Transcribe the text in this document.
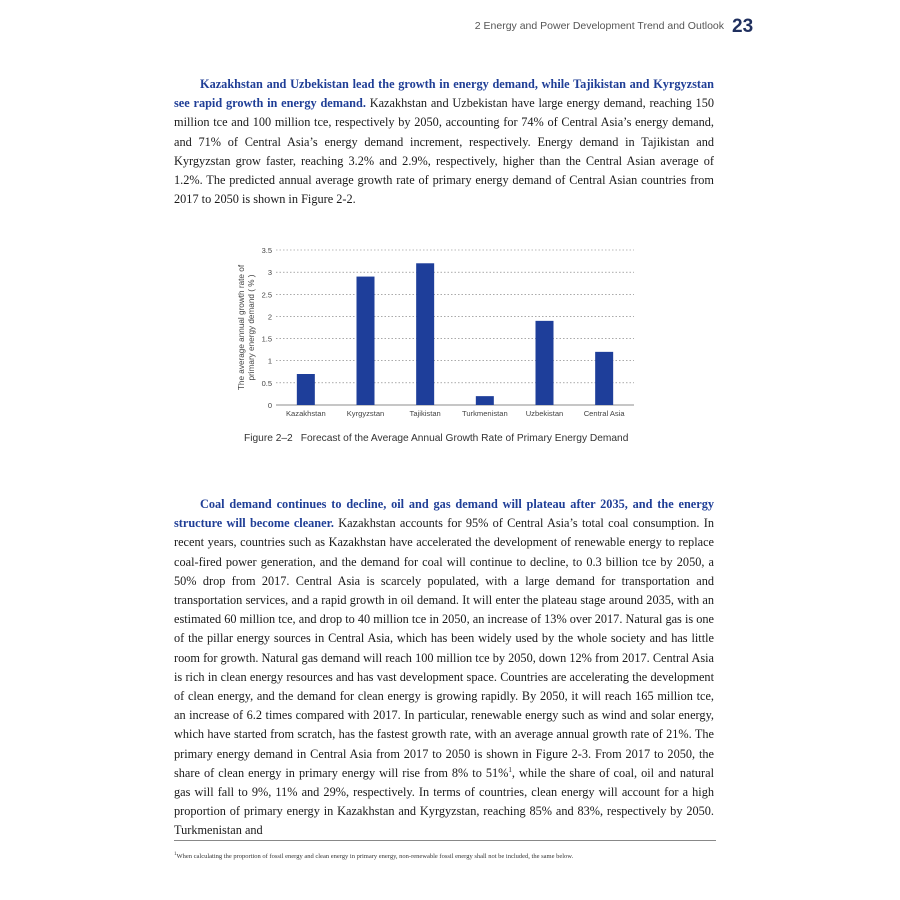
2 Energy and Power Development Trend and Outlook 23

Kazakhstan and Uzbekistan lead the growth in energy demand, while Tajikistan and Kyrgyzstan see rapid growth in energy demand. Kazakhstan and Uzbekistan have large energy demand, reaching 150 million tce and 100 million tce, respectively by 2050, accounting for 74% of Central Asia’s energy demand, and 71% of Central Asia’s energy demand increment, respectively. Energy demand in Tajikistan and Kyrgyzstan grow faster, reaching 3.2% and 2.9%, respectively, higher than the Central Asian average of 1.2%. The predicted annual average growth rate of primary energy demand of Central Asian countries from 2017 to 2050 is shown in Figure 2-2.

The average annual growth rate of primary energy demand ( % )
0
0.5
1
1.5
2
2.5
3
3.5
Kazakhstan	Kyrgyzstan	Tajikistan	Turkmenistan Uzbekistan	Central Asia
Figure 2–2 Forecast of the Average Annual Growth Rate of Primary Energy Demand

Coal demand continues to decline, oil and gas demand will plateau after 2035, and the energy structure will become cleaner. Kazakhstan accounts for 95% of Central Asia’s total coal consumption. In recent years, countries such as Kazakhstan have accelerated the development of renewable energy to replace coal-fired power generation, and the demand for coal will continue to decline, to 0.3 billion tce by 2050, a 50% drop from 2017. Central Asia is scarcely populated, with a large demand for transportation and transportation services, and a rapid growth in oil demand. It will enter the plateau stage around 2035, with an estimated 60 million tce, and drop to 40 million tce in 2050, an increase of 13% over 2017. Natural gas is one of the pillar energy sources in Central Asia, which has been widely used by the whole society and has little room for growth. Natural gas demand will reach 100 million tce by 2050, down 12% from 2017. Central Asia is rich in clean energy resources and has vast development space. Countries are accelerating the development of clean energy, and the demand for clean energy is growing rapidly. By 2050, it will reach 165 million tce, an increase of 6.2 times compared with 2017. In particular, renewable energy such as wind and solar energy, which have started from scratch, has the fastest growth rate, with an average annual growth rate of 21%. The primary energy demand in Central Asia from 2017 to 2050 is shown in Figure 2-3. From 2017 to 2050, the share of clean energy in primary energy will rise from 8% to 51%$^1$, while the share of coal, oil and natural gas will fall to 9%, 11% and 29%, respectively. In terms of countries, clean energy will account for a high proportion of primary energy in Kazakhstan and Kyrgyzstan, reaching 85% and 83%, respectively by 2050. Turkmenistan and

$^1$When calculating the proportion of fossil energy and clean energy in primary energy, non-renewable fossil energy shall not be included, the same below.
